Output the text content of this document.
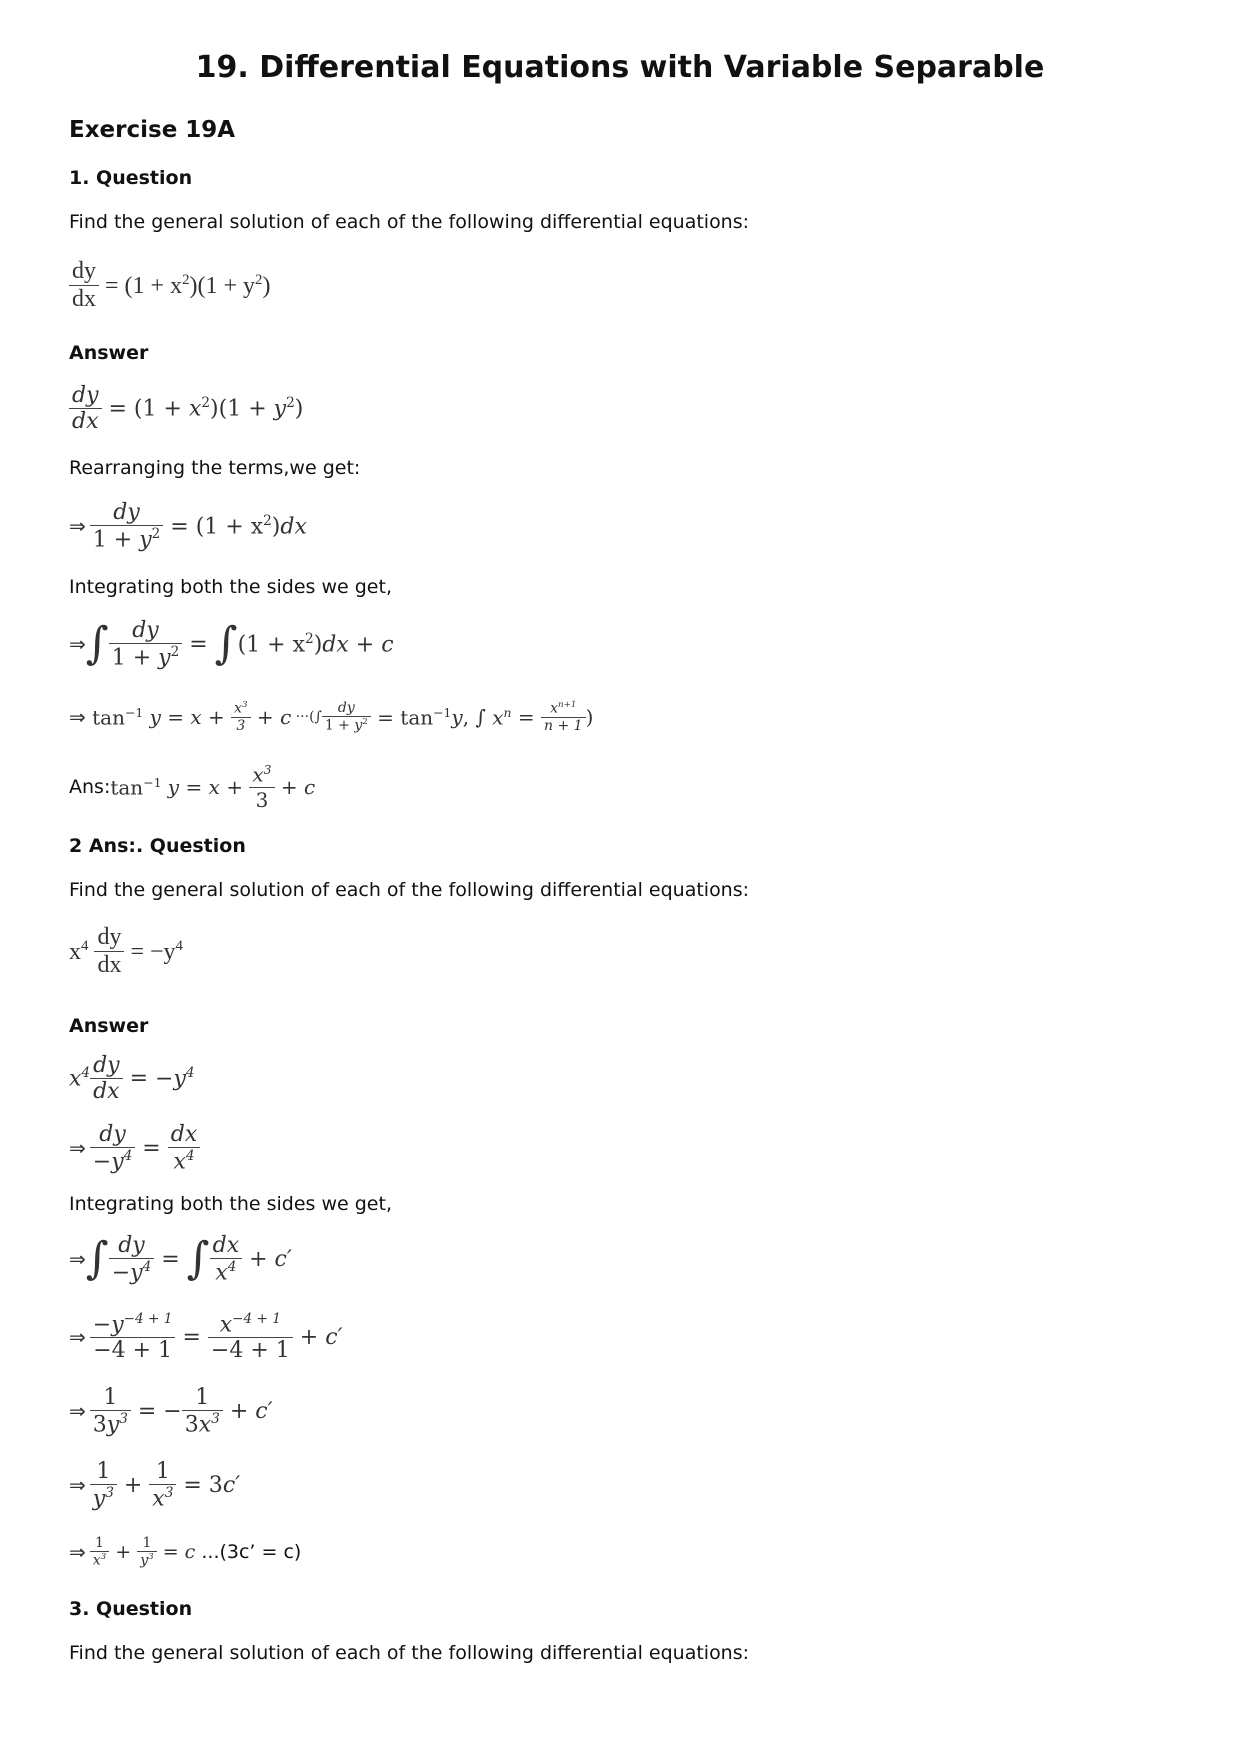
19. Differential Equations with Variable Separable
Exercise 19A
1. Question
Find the general solution of each of the following differential equations:
$\frac{dy}{dx} = (1 + x^2)(1 + y^2)$
Answer
$\frac{dy}{dx} = (1 + x^2)(1 + y^2)$
Rearranging the terms,we get:
⇒ $\frac{dy}{1 + y^2} = (1 + x^2)dx$
Integrating both the sides we get,
⇒ ∫ $\frac{dy}{1 + y^2}$ = ∫ $(1 + x^2)dx + c$
⇒ $\tan^{-1} y = x + \frac{x^3}{3} + c$ ···(∫ $\frac{dy}{1 + y^2} = \tan^{-1} y$ , ∫ $x^n = \frac{x^{n+1}}{n + 1}$ )
Ans: $\tan^{-1} y = x + \frac{x^3}{3} + c$
2 Ans:. Question
Find the general solution of each of the following differential equations:
$x^4 \frac{dy}{dx} = -y^4$
Answer
$x^4 \frac{dy}{dx} = -y^4$
⇒ $\frac{dy}{-y^4} = \frac{dx}{x^4}$
Integrating both the sides we get,
⇒ ∫ $\frac{dy}{-y^4}$ = ∫ $\frac{dx}{x^4} + c'$
⇒ $\frac{-y^{-4 + 1}}{-4 + 1} = \frac{x^{-4 + 1}}{-4 + 1} + c'$
⇒ $\frac{1}{3y^3}$ = − $\frac{1}{3x^3} + c'$
⇒ $\frac{1}{y^3} + \frac{1}{x^3} = 3$ c′
⇒ $\frac{1}{x^3} + \frac{1}{y^3} = c$
...(3c’ = c)
3. Question
Find the general solution of each of the following differential equations:
